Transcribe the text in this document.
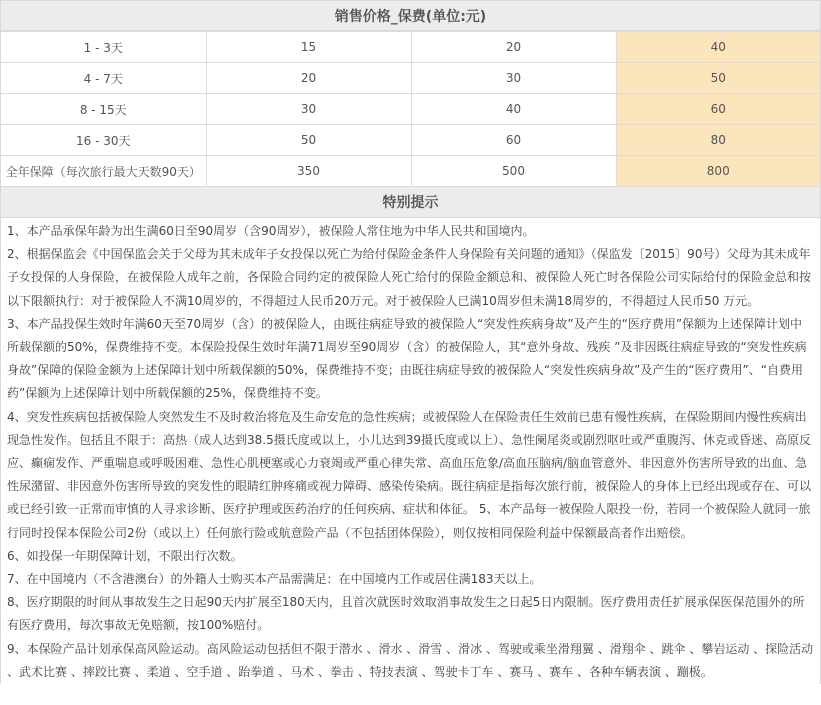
销售价格_保费(单位:元)
1 - 3天	15	20	40
4 - 7天	20	30	50
8 - 15天	30	40	60
16 - 30天	50	60	80
全年保障（每次旅行最大天数90天）	350	500	800
特别提示

1、本产品承保年龄为出生满60日至90周岁（含90周岁），被保险人常住地为中华人民共和国境内。

2、根据保监会《中国保监会关于父母为其未成年子女投保以死亡为给付保险金条件人身保险有关问题的通知》（保监发〔2015〕90号）父母为其未成年子女投保的人身保险，在被保险人成年之前，各保险合同约定的被保险人死亡给付的保险金额总和、被保险人死亡时各保险公司实际给付的保险金总和按以下限额执行：对于被保险人不满10周岁的，不得超过人民币20万元。对于被保险人已满10周岁但未满18周岁的，不得超过人民币50 万元。

3、本产品投保生效时年满60天至70周岁（含）的被保险人，由既往病症导致的被保险人“突发性疾病身故”及产生的“医疗费用”保额为上述保障计划中所载保额的50%，保费维持不变。本保险投保生效时年满71周岁至90周岁（含）的被保险人，其“意外身故、残疾 ”及非因既往病症导致的“突发性疾病身故”保障的保险金额为上述保障计划中所载保额的50%，保费维持不变；由既往病症导致的被保险人“突发性疾病身故”及产生的“医疗费用”、“自费用药”保额为上述保障计划中所载保额的25%，保费维持不变。

4、突发性疾病包括被保险人突然发生不及时救治将危及生命安危的急性疾病；或被保险人在保险责任生效前已患有慢性疾病，在保险期间内慢性疾病出现急性发作。包括且不限于：高热（成人达到38.5摄氏度或以上，小儿达到39摄氏度或以上）、急性阑尾炎或剧烈呕吐或严重腹泻、休克或昏迷、高原反应、癫痫发作、严重喘息或呼吸困难、急性心肌梗塞或心力衰竭或严重心律失常、高血压危象/高血压脑病/脑血管意外、非因意外伤害所导致的出血、急性尿潴留、非因意外伤害所导致的突发性的眼睛红肿疼痛或视力障碍、感染传染病。既往病症是指每次旅行前，被保险人的身体上已经出现或存在、可以或已经引致一正常而审慎的人寻求诊断、医疗护理或医药治疗的任何疾病、症状和体征。 5、本产品每一被保险人限投一份，若同一个被保险人就同一旅行同时投保本保险公司2份（或以上）任何旅行险或航意险产品（不包括团体保险），则仅按相同保险利益中保额最高者作出赔偿。

6、如投保一年期保障计划，不限出行次数。

7、在中国境内（不含港澳台）的外籍人士购买本产品需满足：在中国境内工作或居住满183天以上。

8、医疗期限的时间从事故发生之日起90天内扩展至180天内，且首次就医时效取消事故发生之日起5日内限制。医疗费用责任扩展承保医保范围外的所有医疗费用，每次事故无免赔额，按100%赔付。

9、本保险产品计划承保高风险运动。高风险运动包括但不限于潜水 、滑水 、滑雪 、滑冰 、驾驶或乘坐滑翔翼 、滑翔伞 、跳伞 、攀岩运动 、探险活动 、武术比赛 、摔跤比赛 、柔道 、空手道 、跆拳道 、马术 、拳击 、特技表演 、驾驶卡丁车 、赛马 、赛车 、各种车辆表演 、蹦极。
